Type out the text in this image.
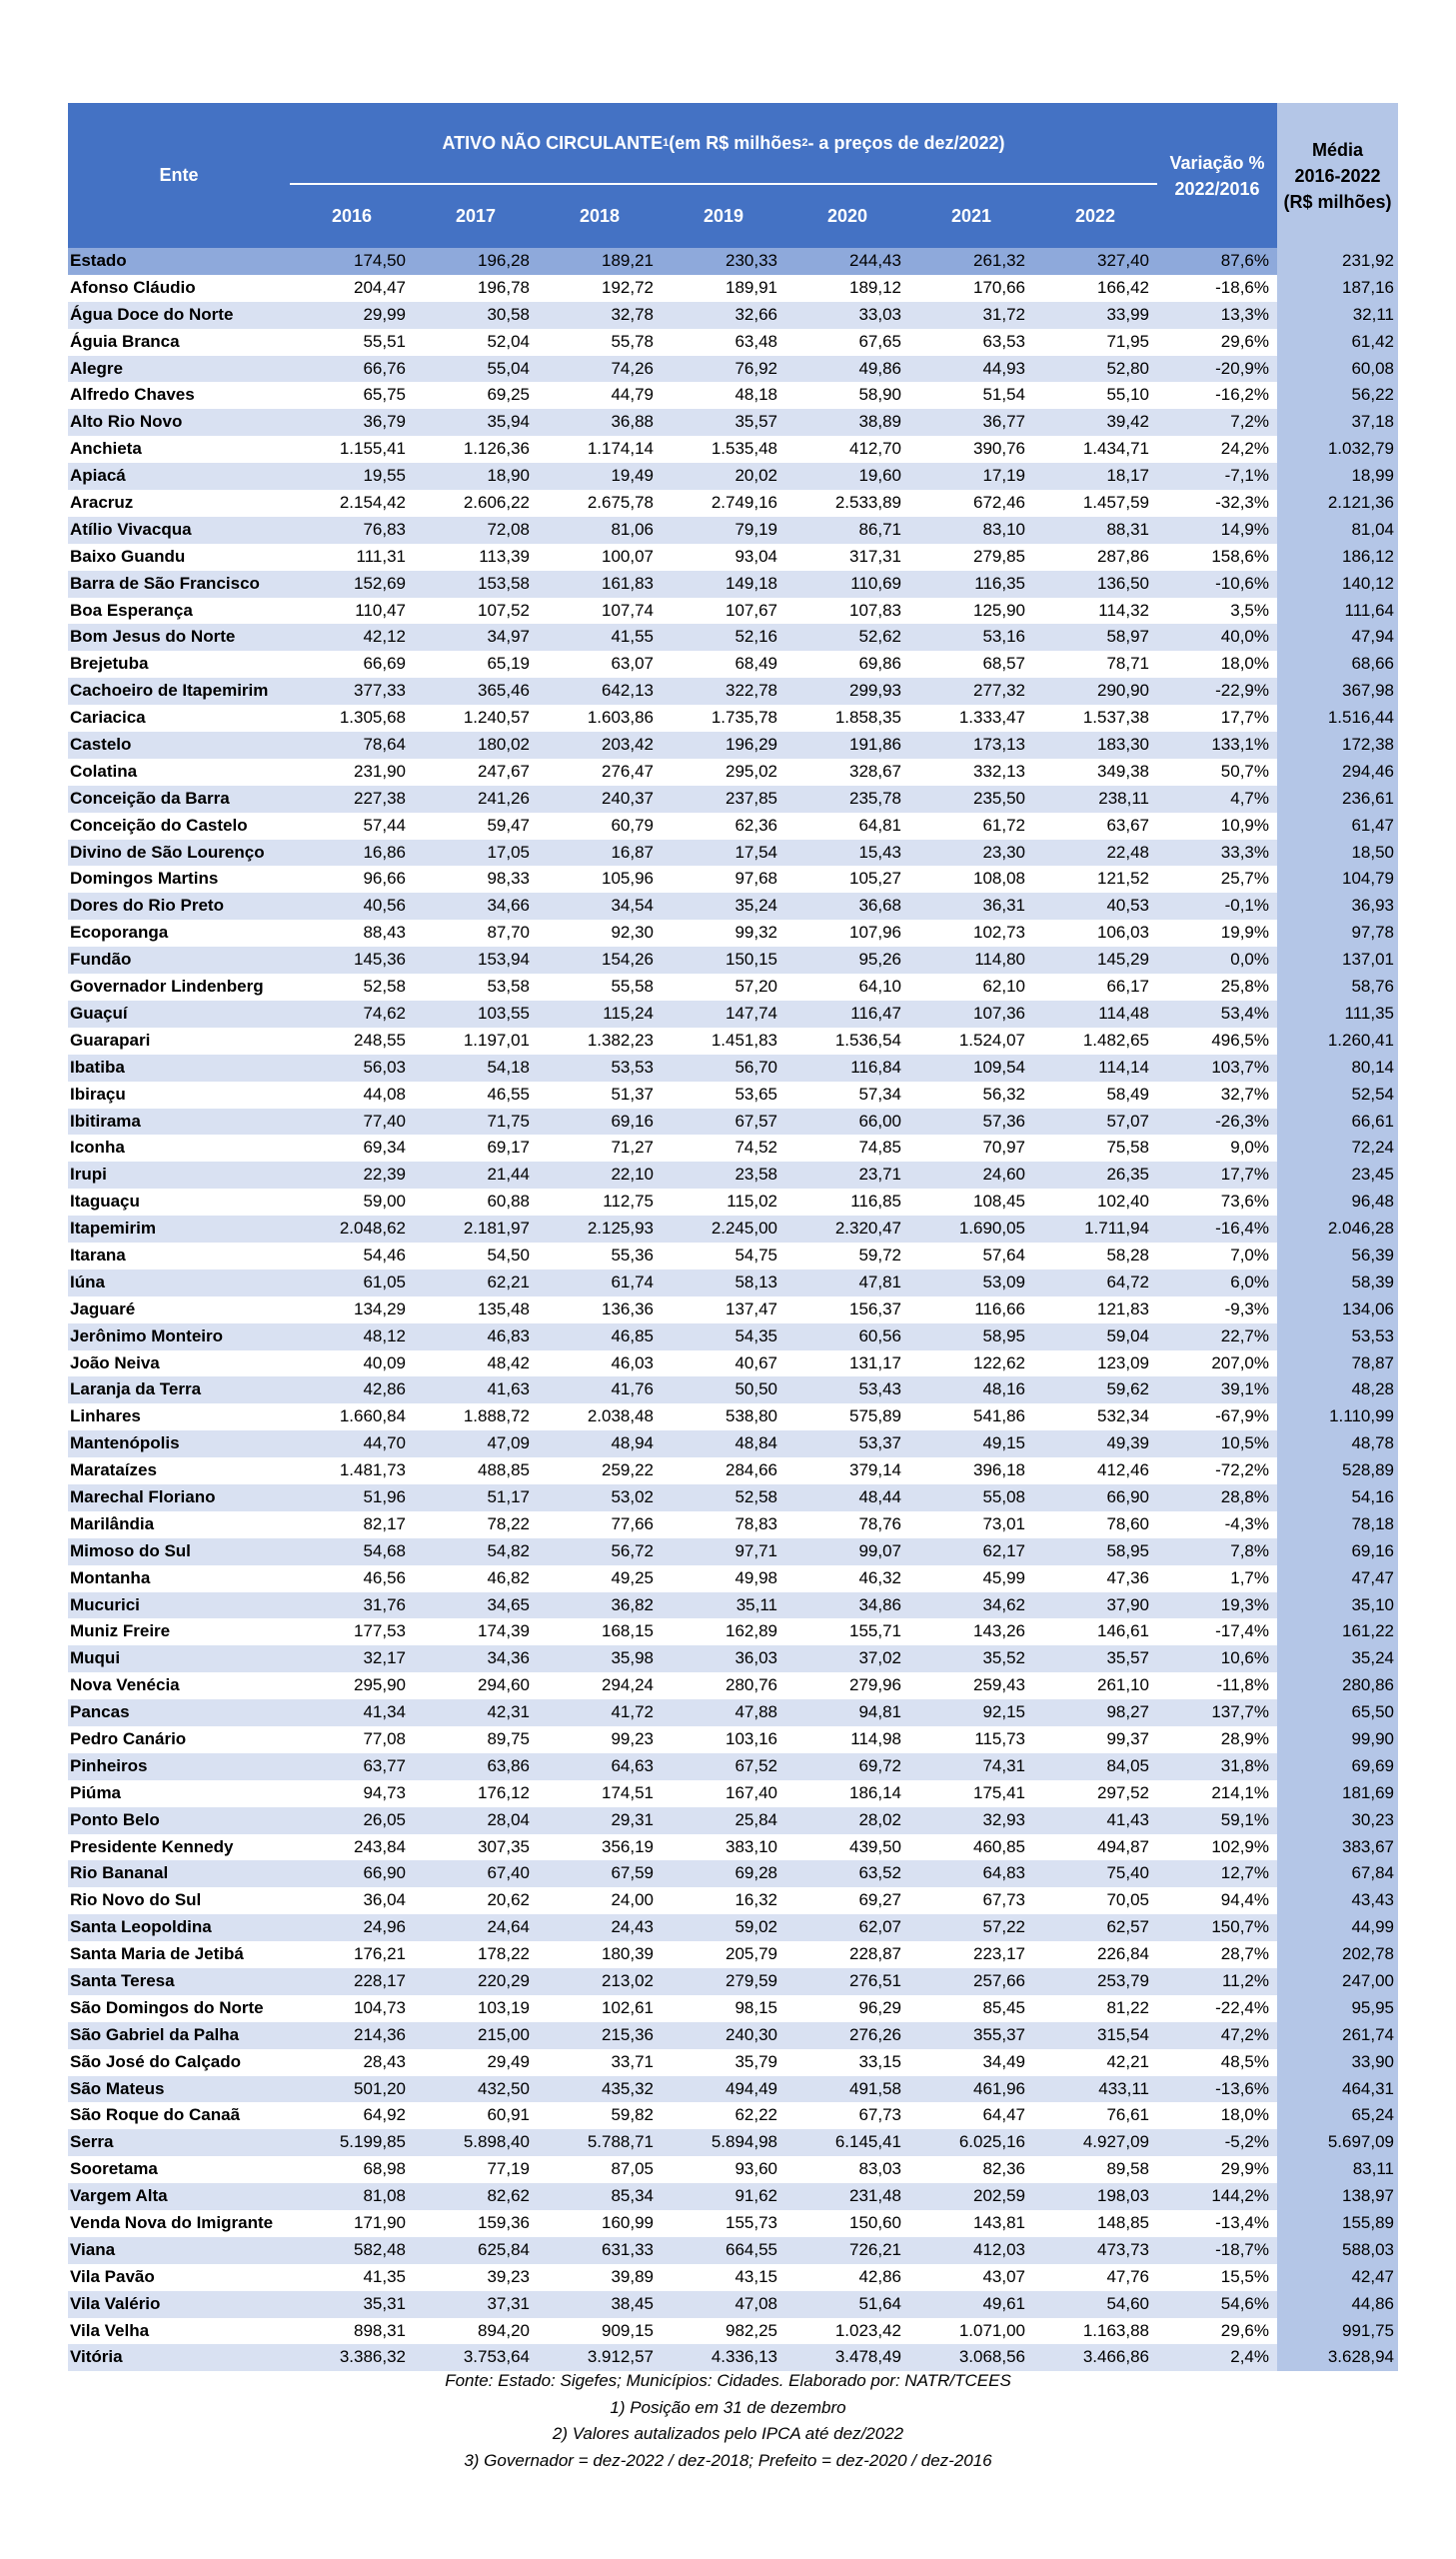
Ente
ATIVO NÃO CIRCULANTE 1 (em R$ milhões 2 - a preços de dez/2022)
2016	2017	2018	2019	2020	2021	2022
Variação %
2022/2016
Média
2016-2022
(R$ milhões)
Estado	174,50	196,28	189,21	230,33	244,43	261,32	327,40	87,6%	231,92
Afonso Cláudio	204,47	196,78	192,72	189,91	189,12	170,66	166,42	-18,6%	187,16
Água Doce do Norte	29,99	30,58	32,78	32,66	33,03	31,72	33,99	13,3%	32,11
Águia Branca	55,51	52,04	55,78	63,48	67,65	63,53	71,95	29,6%	61,42
Alegre	66,76	55,04	74,26	76,92	49,86	44,93	52,80	-20,9%	60,08
Alfredo Chaves	65,75	69,25	44,79	48,18	58,90	51,54	55,10	-16,2%	56,22
Alto Rio Novo	36,79	35,94	36,88	35,57	38,89	36,77	39,42	7,2%	37,18
Anchieta	1.155,41	1.126,36	1.174,14	1.535,48	412,70	390,76	1.434,71	24,2%	1.032,79
Apiacá	19,55	18,90	19,49	20,02	19,60	17,19	18,17	-7,1%	18,99
Aracruz	2.154,42	2.606,22	2.675,78	2.749,16	2.533,89	672,46	1.457,59	-32,3%	2.121,36
Atílio Vivacqua	76,83	72,08	81,06	79,19	86,71	83,10	88,31	14,9%	81,04
Baixo Guandu	111,31	113,39	100,07	93,04	317,31	279,85	287,86	158,6%	186,12
Barra de São Francisco	152,69	153,58	161,83	149,18	110,69	116,35	136,50	-10,6%	140,12
Boa Esperança	110,47	107,52	107,74	107,67	107,83	125,90	114,32	3,5%	111,64
Bom Jesus do Norte	42,12	34,97	41,55	52,16	52,62	53,16	58,97	40,0%	47,94
Brejetuba	66,69	65,19	63,07	68,49	69,86	68,57	78,71	18,0%	68,66
Cachoeiro de Itapemirim	377,33	365,46	642,13	322,78	299,93	277,32	290,90	-22,9%	367,98
Cariacica	1.305,68	1.240,57	1.603,86	1.735,78	1.858,35	1.333,47	1.537,38	17,7%	1.516,44
Castelo	78,64	180,02	203,42	196,29	191,86	173,13	183,30	133,1%	172,38
Colatina	231,90	247,67	276,47	295,02	328,67	332,13	349,38	50,7%	294,46
Conceição da Barra	227,38	241,26	240,37	237,85	235,78	235,50	238,11	4,7%	236,61
Conceição do Castelo	57,44	59,47	60,79	62,36	64,81	61,72	63,67	10,9%	61,47
Divino de São Lourenço	16,86	17,05	16,87	17,54	15,43	23,30	22,48	33,3%	18,50
Domingos Martins	96,66	98,33	105,96	97,68	105,27	108,08	121,52	25,7%	104,79
Dores do Rio Preto	40,56	34,66	34,54	35,24	36,68	36,31	40,53	-0,1%	36,93
Ecoporanga	88,43	87,70	92,30	99,32	107,96	102,73	106,03	19,9%	97,78
Fundão	145,36	153,94	154,26	150,15	95,26	114,80	145,29	0,0%	137,01
Governador Lindenberg	52,58	53,58	55,58	57,20	64,10	62,10	66,17	25,8%	58,76
Guaçuí	74,62	103,55	115,24	147,74	116,47	107,36	114,48	53,4%	111,35
Guarapari	248,55	1.197,01	1.382,23	1.451,83	1.536,54	1.524,07	1.482,65	496,5%	1.260,41
Ibatiba	56,03	54,18	53,53	56,70	116,84	109,54	114,14	103,7%	80,14
Ibiraçu	44,08	46,55	51,37	53,65	57,34	56,32	58,49	32,7%	52,54
Ibitirama	77,40	71,75	69,16	67,57	66,00	57,36	57,07	-26,3%	66,61
Iconha	69,34	69,17	71,27	74,52	74,85	70,97	75,58	9,0%	72,24
Irupi	22,39	21,44	22,10	23,58	23,71	24,60	26,35	17,7%	23,45
Itaguaçu	59,00	60,88	112,75	115,02	116,85	108,45	102,40	73,6%	96,48
Itapemirim	2.048,62	2.181,97	2.125,93	2.245,00	2.320,47	1.690,05	1.711,94	-16,4%	2.046,28
Itarana	54,46	54,50	55,36	54,75	59,72	57,64	58,28	7,0%	56,39
Iúna	61,05	62,21	61,74	58,13	47,81	53,09	64,72	6,0%	58,39
Jaguaré	134,29	135,48	136,36	137,47	156,37	116,66	121,83	-9,3%	134,06
Jerônimo Monteiro	48,12	46,83	46,85	54,35	60,56	58,95	59,04	22,7%	53,53
João Neiva	40,09	48,42	46,03	40,67	131,17	122,62	123,09	207,0%	78,87
Laranja da Terra	42,86	41,63	41,76	50,50	53,43	48,16	59,62	39,1%	48,28
Linhares	1.660,84	1.888,72	2.038,48	538,80	575,89	541,86	532,34	-67,9%	1.110,99
Mantenópolis	44,70	47,09	48,94	48,84	53,37	49,15	49,39	10,5%	48,78
Marataízes	1.481,73	488,85	259,22	284,66	379,14	396,18	412,46	-72,2%	528,89
Marechal Floriano	51,96	51,17	53,02	52,58	48,44	55,08	66,90	28,8%	54,16
Marilândia	82,17	78,22	77,66	78,83	78,76	73,01	78,60	-4,3%	78,18
Mimoso do Sul	54,68	54,82	56,72	97,71	99,07	62,17	58,95	7,8%	69,16
Montanha	46,56	46,82	49,25	49,98	46,32	45,99	47,36	1,7%	47,47
Mucurici	31,76	34,65	36,82	35,11	34,86	34,62	37,90	19,3%	35,10
Muniz Freire	177,53	174,39	168,15	162,89	155,71	143,26	146,61	-17,4%	161,22
Muqui	32,17	34,36	35,98	36,03	37,02	35,52	35,57	10,6%	35,24
Nova Venécia	295,90	294,60	294,24	280,76	279,96	259,43	261,10	-11,8%	280,86
Pancas	41,34	42,31	41,72	47,88	94,81	92,15	98,27	137,7%	65,50
Pedro Canário	77,08	89,75	99,23	103,16	114,98	115,73	99,37	28,9%	99,90
Pinheiros	63,77	63,86	64,63	67,52	69,72	74,31	84,05	31,8%	69,69
Piúma	94,73	176,12	174,51	167,40	186,14	175,41	297,52	214,1%	181,69
Ponto Belo	26,05	28,04	29,31	25,84	28,02	32,93	41,43	59,1%	30,23
Presidente Kennedy	243,84	307,35	356,19	383,10	439,50	460,85	494,87	102,9%	383,67
Rio Bananal	66,90	67,40	67,59	69,28	63,52	64,83	75,40	12,7%	67,84
Rio Novo do Sul	36,04	20,62	24,00	16,32	69,27	67,73	70,05	94,4%	43,43
Santa Leopoldina	24,96	24,64	24,43	59,02	62,07	57,22	62,57	150,7%	44,99
Santa Maria de Jetibá	176,21	178,22	180,39	205,79	228,87	223,17	226,84	28,7%	202,78
Santa Teresa	228,17	220,29	213,02	279,59	276,51	257,66	253,79	11,2%	247,00
São Domingos do Norte	104,73	103,19	102,61	98,15	96,29	85,45	81,22	-22,4%	95,95
São Gabriel da Palha	214,36	215,00	215,36	240,30	276,26	355,37	315,54	47,2%	261,74
São José do Calçado	28,43	29,49	33,71	35,79	33,15	34,49	42,21	48,5%	33,90
São Mateus	501,20	432,50	435,32	494,49	491,58	461,96	433,11	-13,6%	464,31
São Roque do Canaã	64,92	60,91	59,82	62,22	67,73	64,47	76,61	18,0%	65,24
Serra	5.199,85	5.898,40	5.788,71	5.894,98	6.145,41	6.025,16	4.927,09	-5,2%	5.697,09
Sooretama	68,98	77,19	87,05	93,60	83,03	82,36	89,58	29,9%	83,11
Vargem Alta	81,08	82,62	85,34	91,62	231,48	202,59	198,03	144,2%	138,97
Venda Nova do Imigrante	171,90	159,36	160,99	155,73	150,60	143,81	148,85	-13,4%	155,89
Viana	582,48	625,84	631,33	664,55	726,21	412,03	473,73	-18,7%	588,03
Vila Pavão	41,35	39,23	39,89	43,15	42,86	43,07	47,76	15,5%	42,47
Vila Valério	35,31	37,31	38,45	47,08	51,64	49,61	54,60	54,6%	44,86
Vila Velha	898,31	894,20	909,15	982,25	1.023,42	1.071,00	1.163,88	29,6%	991,75
Vitória	3.386,32	3.753,64	3.912,57	4.336,13	3.478,49	3.068,56	3.466,86	2,4%	3.628,94
Fonte: Estado: Sigefes; Municípios: Cidades. Elaborado por: NATR/TCEES
1) Posição em 31 de dezembro
2) Valores autalizados pelo IPCA até dez/2022
3) Governador = dez-2022 / dez-2018; Prefeito = dez-2020 / dez-2016
